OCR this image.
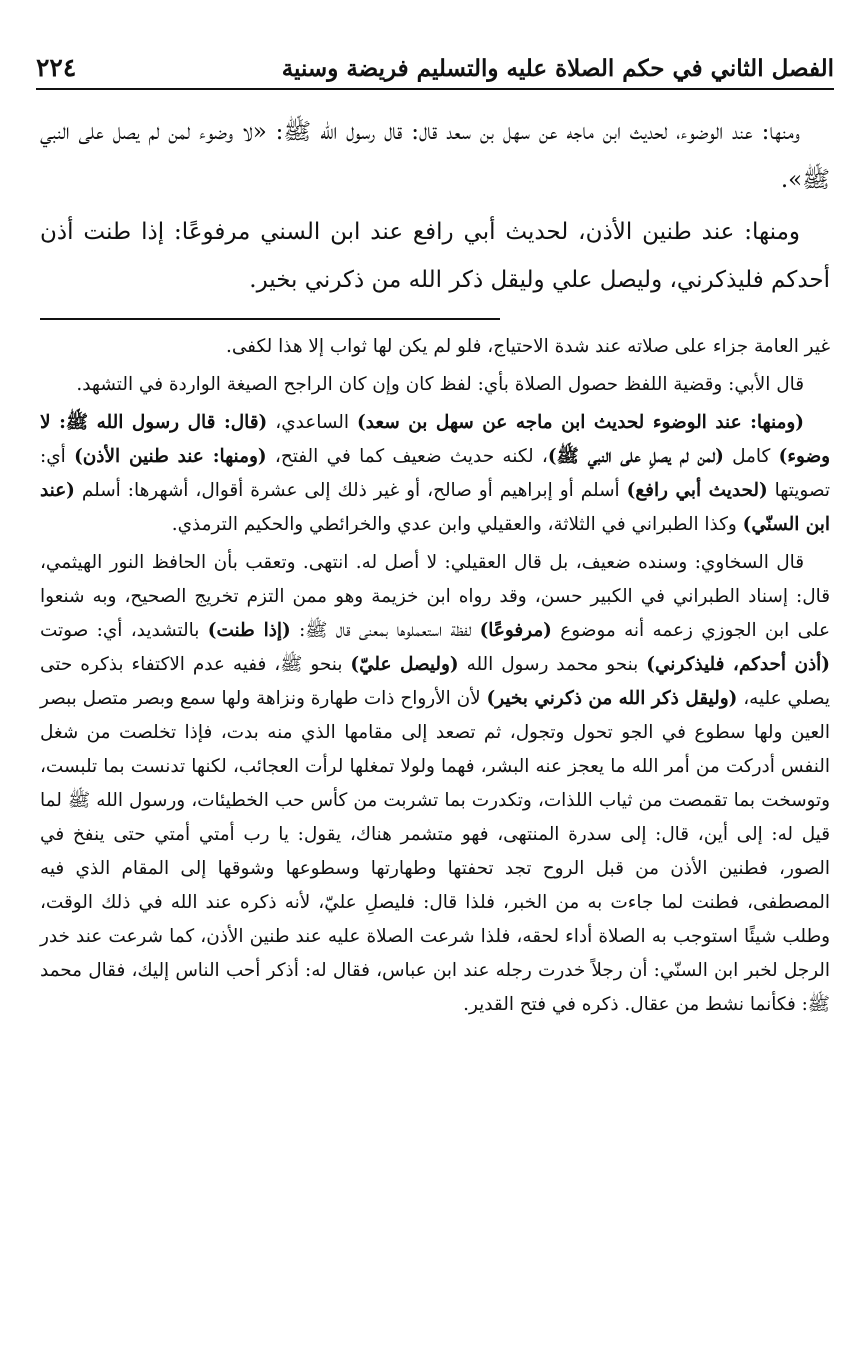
الفصل الثاني في حكم الصلاة عليه والتسليم فريضة وسنية
٢٢٤

ومنها: عند الوضوء، لحديث ابن ماجه عن سهل بن سعد قال: قال رسول الله ﷺ: «لا وضوء لمن لم يصل على النبي ﷺ».

ومنها: عند طنين الأذن، لحديث أبي رافع عند ابن السني مرفوعًا: إذا طنت أذن أحدكم فليذكرني، وليصل علي وليقل ذكر الله من ذكرني بخير.

غير العامة جزاء على صلاته عند شدة الاحتياج، فلو لم يكن لها ثواب إلا هذا لكفى.

قال الأبي: وقضية اللفظ حصول الصلاة بأي: لفظ كان وإن كان الراجح الصيغة الواردة في التشهد.

(ومنها: عند الوضوء لحديث ابن ماجه عن سهل بن سعد) الساعدي، (قال: قال رسول الله ﷺ: لا وضوء) كامل (لمن لم يصلِ على النبي ﷺ)، لكنه حديث ضعيف كما في الفتح، (ومنها: عند طنين الأذن) أي: تصويتها (لحديث أبي رافع) أسلم أو إبراهيم أو صالح، أو غير ذلك إلى عشرة أقوال، أشهرها: أسلم (عند ابن السنّي) وكذا الطبراني في الثلاثة، والعقيلي وابن عدي والخرائطي والحكيم الترمذي.

قال السخاوي: وسنده ضعيف، بل قال العقيلي: لا أصل له. انتهى. وتعقب بأن الحافظ النور الهيثمي، قال: إسناد الطبراني في الكبير حسن، وقد رواه ابن خزيمة وهو ممن التزم تخريج الصحيح، وبه شنعوا على ابن الجوزي زعمه أنه موضوع (مرفوعًا) لفظة استعملوها بمعنى قال ﷺ: (إذا طنت) بالتشديد، أي: صوتت (أذن أحدكم، فليذكرني) بنحو محمد رسول الله (وليصل عليّ) بنحو ﷺ، ففيه عدم الاكتفاء بذكره حتى يصلي عليه، (وليقل ذكر الله من ذكرني بخير) لأن الأرواح ذات طهارة ونزاهة ولها سمع وبصر متصل ببصر العين ولها سطوع في الجو تحول وتجول، ثم تصعد إلى مقامها الذي منه بدت، فإذا تخلصت من شغل النفس أدركت من أمر الله ما يعجز عنه البشر، فهما ولولا تمغلها لرأت العجائب، لكنها تدنست بما تلبست، وتوسخت بما تقمصت من ثياب اللذات، وتكدرت بما تشربت من كأس حب الخطيئات، ورسول الله ﷺ لما قيل له: إلى أين، قال: إلى سدرة المنتهى، فهو متشمر هناك، يقول: يا رب أمتي أمتي حتى ينفخ في الصور، فطنين الأذن من قبل الروح تجد تحفتها وطهارتها وسطوعها وشوقها إلى المقام الذي فيه المصطفى، فطنت لما جاءت به من الخبر، فلذا قال: فليصلِ عليّ، لأنه ذكره عند الله في ذلك الوقت، وطلب شيئًا استوجب به الصلاة أداء لحقه، فلذا شرعت الصلاة عليه عند طنين الأذن، كما شرعت عند خدر الرجل لخبر ابن السنّي: أن رجلاً خدرت رجله عند ابن عباس، فقال له: أذكر أحب الناس إليك، فقال محمد ﷺ: فكأنما نشط من عقال. ذكره في فتح القدير.
